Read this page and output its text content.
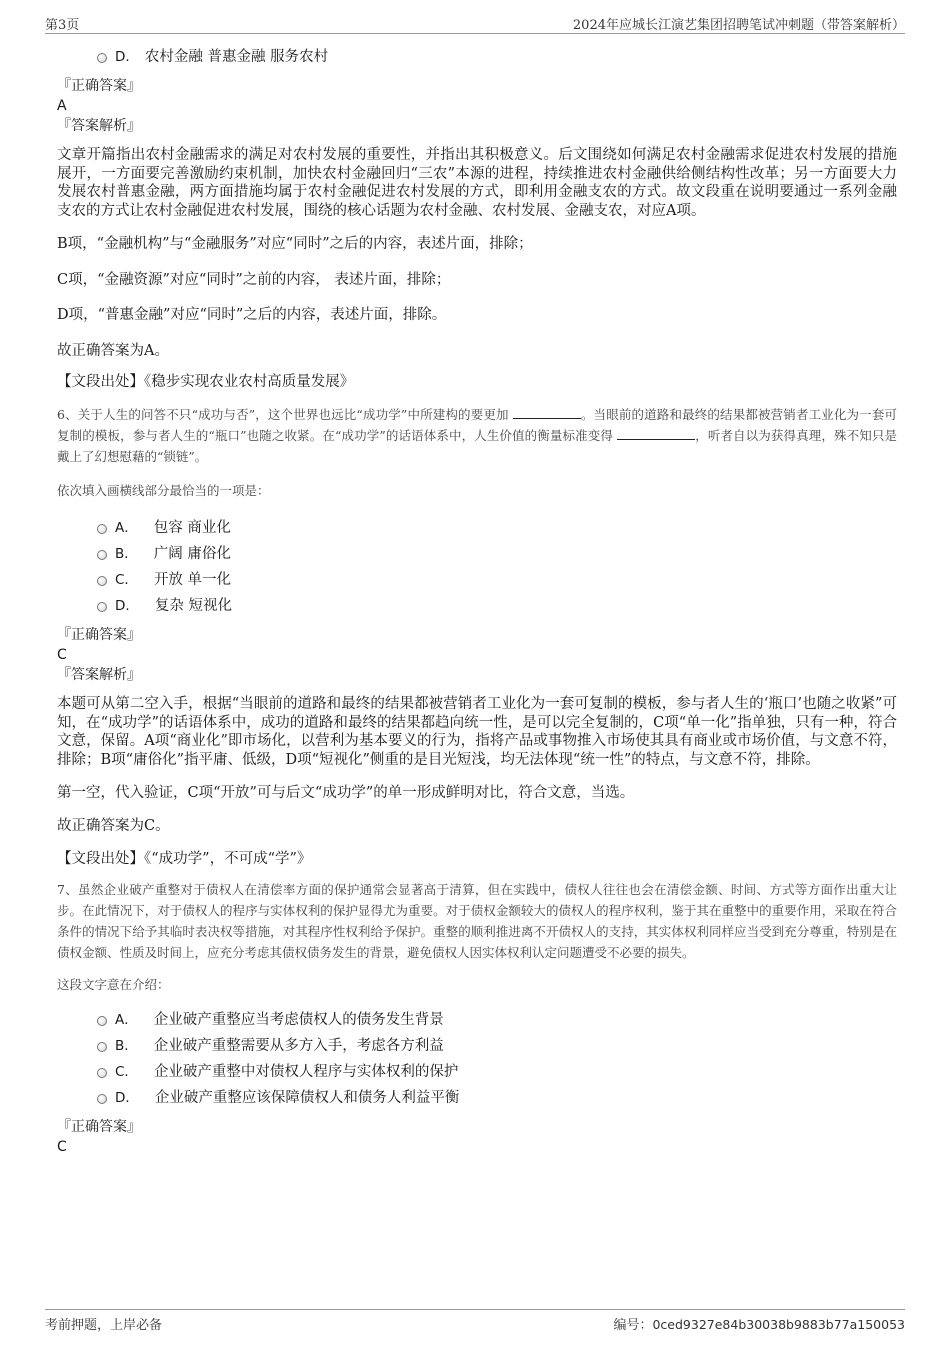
第3页	2024年应城长江演艺集团招聘笔试冲刺题（带答案解析）
D． 农村金融 普惠金融 服务农村
『正确答案』
A
『答案解析』

文章开篇指出农村金融需求的满足对农村发展的重要性，并指出其积极意义。后文围绕如何满足农村金融需求促进农村发展的措施展开，一方面要完善激励约束机制，加快农村金融回归“三农”本源的进程，持续推进农村金融供给侧结构性改革；另一方面要大力发展农村普惠金融，两方面措施均属于农村金融促进农村发展的方式，即利用金融支农的方式。故文段重在说明要通过一系列金融支农的方式让农村金融促进农村发展，围绕的核心话题为农村金融、农村发展、金融支农，对应A项。

B项，“金融机构”与“金融服务”对应“同时”之后的内容，表述片面，排除；

C项，“金融资源”对应“同时”之前的内容， 表述片面，排除；

D项，“普惠金融”对应“同时”之后的内容，表述片面，排除。

故正确答案为A。

【文段出处】《稳步实现农业农村高质量发展》

6、关于人生的问答不只“成功与否”，这个世界也远比“成功学”中所建构的要更加	。当眼前的道路和最终的结果都被营销者工业化为一套可复制的模板，参与者人生的“瓶口”也随之收紧。在“成功学”的话语体系中，人生价值的衡量标准变得	，听者自以为获得真理，殊不知只是戴上了幻想慰藉的“锁链”。

依次填入画横线部分最恰当的一项是：
A． 包容 商业化
B． 广阔 庸俗化
C． 开放 单一化
D． 复杂 短视化
『正确答案』
C
『答案解析』

本题可从第二空入手，根据“当眼前的道路和最终的结果都被营销者工业化为一套可复制的模板，参与者人生的‘瓶口’也随之收紧”可知，在“成功学”的话语体系中，成功的道路和最终的结果都趋向统一性，是可以完全复制的，C项“单一化”指单独，只有一种，符合文意，保留。A项“商业化”即市场化，以营利为基本要义的行为，指将产品或事物推入市场使其具有商业或市场价值，与文意不符，排除；B项“庸俗化”指平庸、低级，D项“短视化”侧重的是目光短浅，均无法体现“统一性”的特点，与文意不符，排除。

第一空，代入验证，C项“开放”可与后文“成功学”的单一形成鲜明对比，符合文意，当选。

故正确答案为C。

【文段出处】《“成功学”，不可成“学”》

7、虽然企业破产重整对于债权人在清偿率方面的保护通常会显著高于清算，但在实践中，债权人往往也会在清偿金额、时间、方式等方面作出重大让步。在此情况下，对于债权人的程序与实体权利的保护显得尤为重要。对于债权金额较大的债权人的程序权利，鉴于其在重整中的重要作用，采取在符合条件的情况下给予其临时表决权等措施，对其程序性权利给予保护。重整的顺利推进离不开债权人的支持，其实体权利同样应当受到充分尊重，特别是在债权金额、性质及时间上，应充分考虑其债权债务发生的背景，避免债权人因实体权利认定问题遭受不必要的损失。

这段文字意在介绍：
A． 企业破产重整应当考虑债权人的债务发生背景
B． 企业破产重整需要从多方入手，考虑各方利益
C． 企业破产重整中对债权人程序与实体权利的保护
D． 企业破产重整应该保障债权人和债务人利益平衡
『正确答案』
C
考前押题，上岸必备	编号：0ced9327e84b30038b9883b77a150053
